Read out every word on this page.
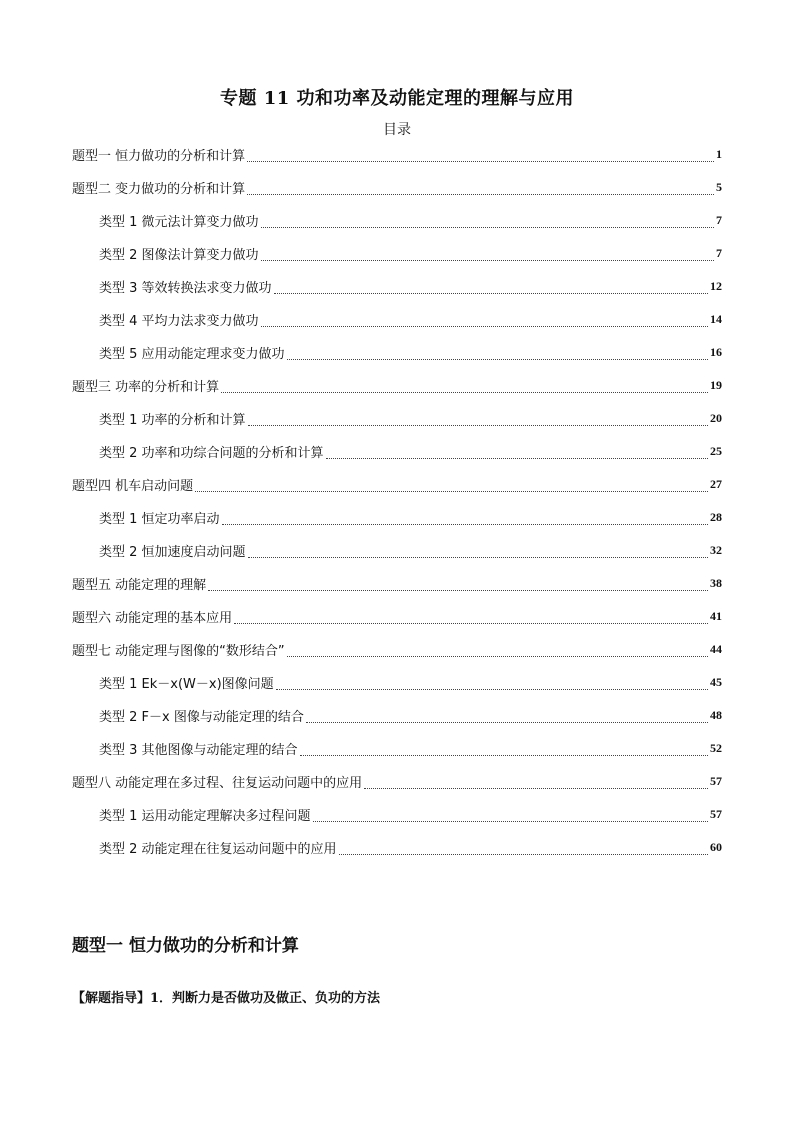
专题 11 功和功率及动能定理的理解与应用
目录
题型一 恒力做功的分析和计算	1
题型二 变力做功的分析和计算	5
类型 1 微元法计算变力做功	7
类型 2 图像法计算变力做功	7
类型 3 等效转换法求变力做功	12
类型 4 平均力法求变力做功	14
类型 5 应用动能定理求变力做功	16
题型三 功率的分析和计算	19
类型 1 功率的分析和计算	20
类型 2 功率和功综合问题的分析和计算	25
题型四 机车启动问题	27
类型 1 恒定功率启动	28
类型 2 恒加速度启动问题	32
题型五 动能定理的理解	38
题型六 动能定理的基本应用	41
题型七 动能定理与图像的“数形结合”	44
类型 1 Ek－x(W－x)图像问题	45
类型 2 F－x 图像与动能定理的结合	48
类型 3 其他图像与动能定理的结合	52
题型八 动能定理在多过程、往复运动问题中的应用	57
类型 1 运用动能定理解决多过程问题	57
类型 2 动能定理在往复运动问题中的应用	60
题型一 恒力做功的分析和计算
【解题指导】1．判断力是否做功及做正、负功的方法
